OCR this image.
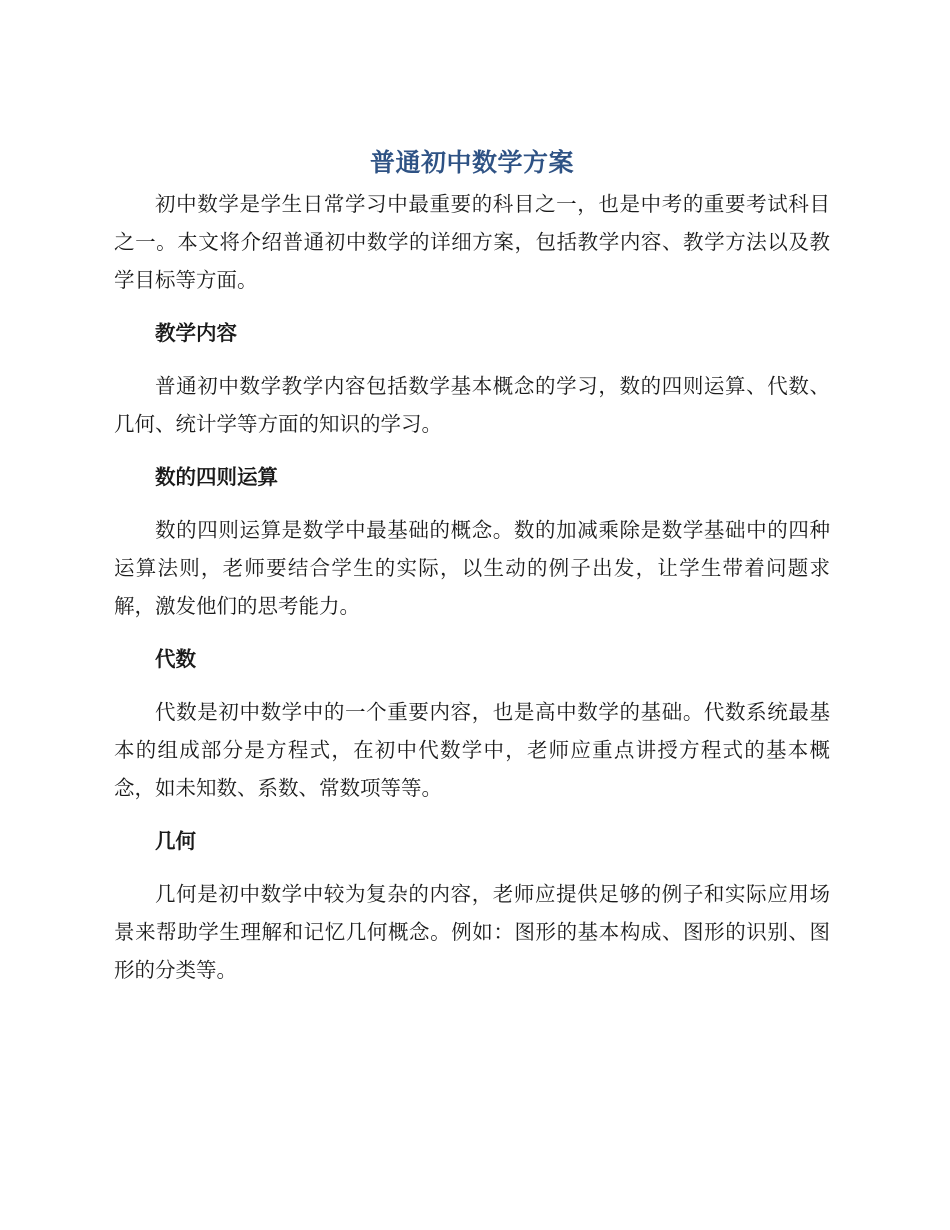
普通初中数学方案

初中数学是学生日常学习中最重要的科目之一，也是中考的重要考试科目之一。本文将介绍普通初中数学的详细方案，包括教学内容、教学方法以及教学目标等方面。

教学内容

普通初中数学教学内容包括数学基本概念的学习，数的四则运算、代数、几何、统计学等方面的知识的学习。

数的四则运算

数的四则运算是数学中最基础的概念。数的加减乘除是数学基础中的四种运算法则，老师要结合学生的实际，以生动的例子出发，让学生带着问题求解，激发他们的思考能力。

代数

代数是初中数学中的一个重要内容，也是高中数学的基础。代数系统最基本的组成部分是方程式，在初中代数学中，老师应重点讲授方程式的基本概念，如未知数、系数、常数项等等。

几何

几何是初中数学中较为复杂的内容，老师应提供足够的例子和实际应用场景来帮助学生理解和记忆几何概念。例如：图形的基本构成、图形的识别、图形的分类等。
